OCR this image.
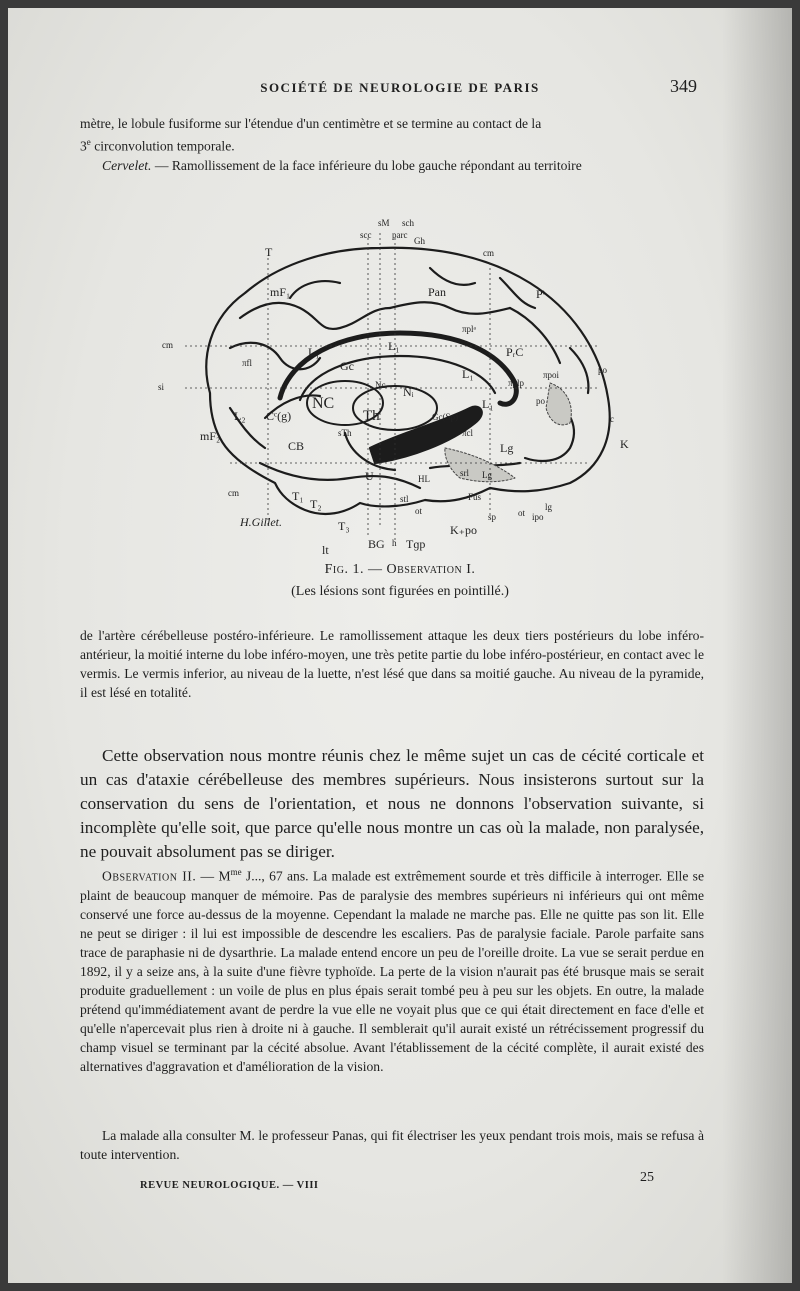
SOCIÉTÉ DE NEUROLOGIE DE PARIS	349

mètre, le lobule fusiforme sur l'étendue d'un centimètre et se termine au contact de la
3e circonvolution temporale.
Cervelet. — Ramollissement de la face inférieure du lobe gauche répondant au territoire

T
sM sch
scc parc
Gh
cm
mF₁	Pan	Pᵗ
cm
si
πplᵃ
πfl
L₁	L₁	PᵣC
po
Gc
Nc Nᵢ
L₁
πplp
πpoi
L₂
NC
Cᶜ(g)	Th	Gc(Sp)
L₁	po
mF₂	sTh
CB
πcl
Lg
c
K
U	HL
srl Lg
cm	Fus
T₁
T₂	stl
ot
sp ot ipo
lg
H.Gillet.	T₃	K₊po
lt	BG h Tɡp
Fig. 1. — Observation I.
(Les lésions sont figurées en pointillé.)

de l'artère cérébelleuse postéro-inférieure. Le ramollissement attaque les deux tiers postérieurs du lobe inféro-antérieur, la moitié interne du lobe inféro-moyen, une très petite partie du lobe inféro-postérieur, en contact avec le vermis. Le vermis inferior, au niveau de la luette, n'est lésé que dans sa moitié gauche. Au niveau de la pyramide, il est lésé en totalité.

Cette observation nous montre réunis chez le même sujet un cas de cécité corticale et un cas d'ataxie cérébelleuse des membres supérieurs. Nous insisterons surtout sur la conservation du sens de l'orientation, et nous ne donnons l'observation suivante, si incomplète qu'elle soit, que parce qu'elle nous montre un cas où la malade, non paralysée, ne pouvait absolument pas se diriger.

Observation II. — $M^{me}$ J..., 67 ans. La malade est extrêmement sourde et très difficile à interroger. Elle se plaint de beaucoup manquer de mémoire. Pas de paralysie des membres supérieurs ni inférieurs qui ont même conservé une force au-dessus de la moyenne. Cependant la malade ne marche pas. Elle ne quitte pas son lit. Elle ne peut se diriger : il lui est impossible de descendre les escaliers. Pas de paralysie faciale. Parole parfaite sans trace de paraphasie ni de dysarthrie. La malade entend encore un peu de l'oreille droite. La vue se serait perdue en 1892, il y a seize ans, à la suite d'une fièvre typhoïde. La perte de la vision n'aurait pas été brusque mais se serait produite graduellement : un voile de plus en plus épais serait tombé peu à peu sur les objets. En outre, la malade prétend qu'immédiatement avant de perdre la vue elle ne voyait plus que ce qui était directement en face d'elle et qu'elle n'apercevait plus rien à droite ni à gauche. Il semblerait qu'il aurait existé un rétrécissement progressif du champ visuel se terminant par la cécité absolue. Avant l'établissement de la cécité complète, il aurait existé des alternatives d'aggravation et d'amélioration de la vision.

La malade alla consulter M. le professeur Panas, qui fit électriser les yeux pendant trois mois, mais se refusa à toute intervention.

REVUE NEUROLOGIQUE. — VIII
25
